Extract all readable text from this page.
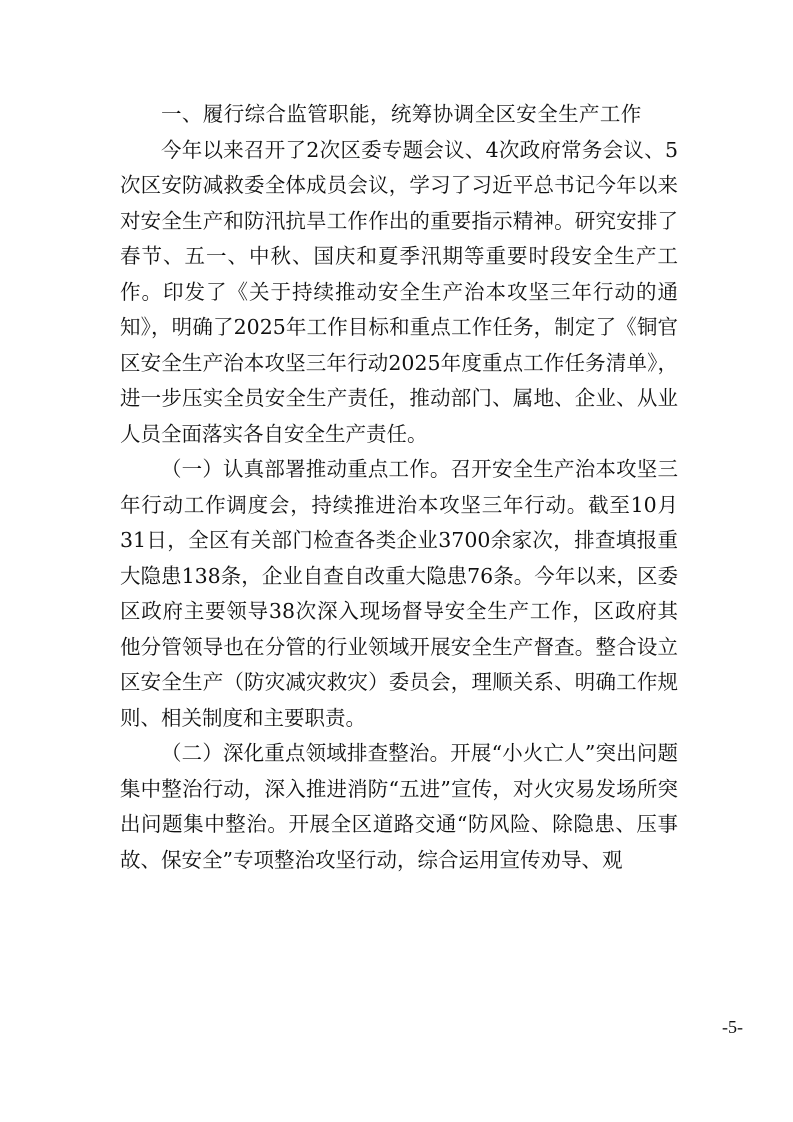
一、履行综合监管职能，统筹协调全区安全生产工作

今年以来召开了2次区委专题会议、4次政府常务会议、5次区安防减救委全体成员会议，学习了习近平总书记今年以来对安全生产和防汛抗旱工作作出的重要指示精神。研究安排了春节、五一、中秋、国庆和夏季汛期等重要时段安全生产工作。印发了《关于持续推动安全生产治本攻坚三年行动的通知》，明确了2025年工作目标和重点工作任务，制定了《铜官区安全生产治本攻坚三年行动2025年度重点工作任务清单》，进一步压实全员安全生产责任，推动部门、属地、企业、从业人员全面落实各自安全生产责任。

（一）认真部署推动重点工作。召开安全生产治本攻坚三年行动工作调度会，持续推进治本攻坚三年行动。截至10月31日，全区有关部门检查各类企业3700余家次，排查填报重大隐患138条，企业自查自改重大隐患76条。今年以来，区委区政府主要领导38次深入现场督导安全生产工作，区政府其他分管领导也在分管的行业领域开展安全生产督查。整合设立区安全生产（防灾减灾救灾）委员会，理顺关系、明确工作规则、相关制度和主要职责。

（二）深化重点领域排查整治。开展“小火亡人”突出问题集中整治行动，深入推进消防“五进”宣传，对火灾易发场所突出问题集中整治。开展全区道路交通“防风险、除隐患、压事故、保安全”专项整治攻坚行动，综合运用宣传劝导、观

-5-
